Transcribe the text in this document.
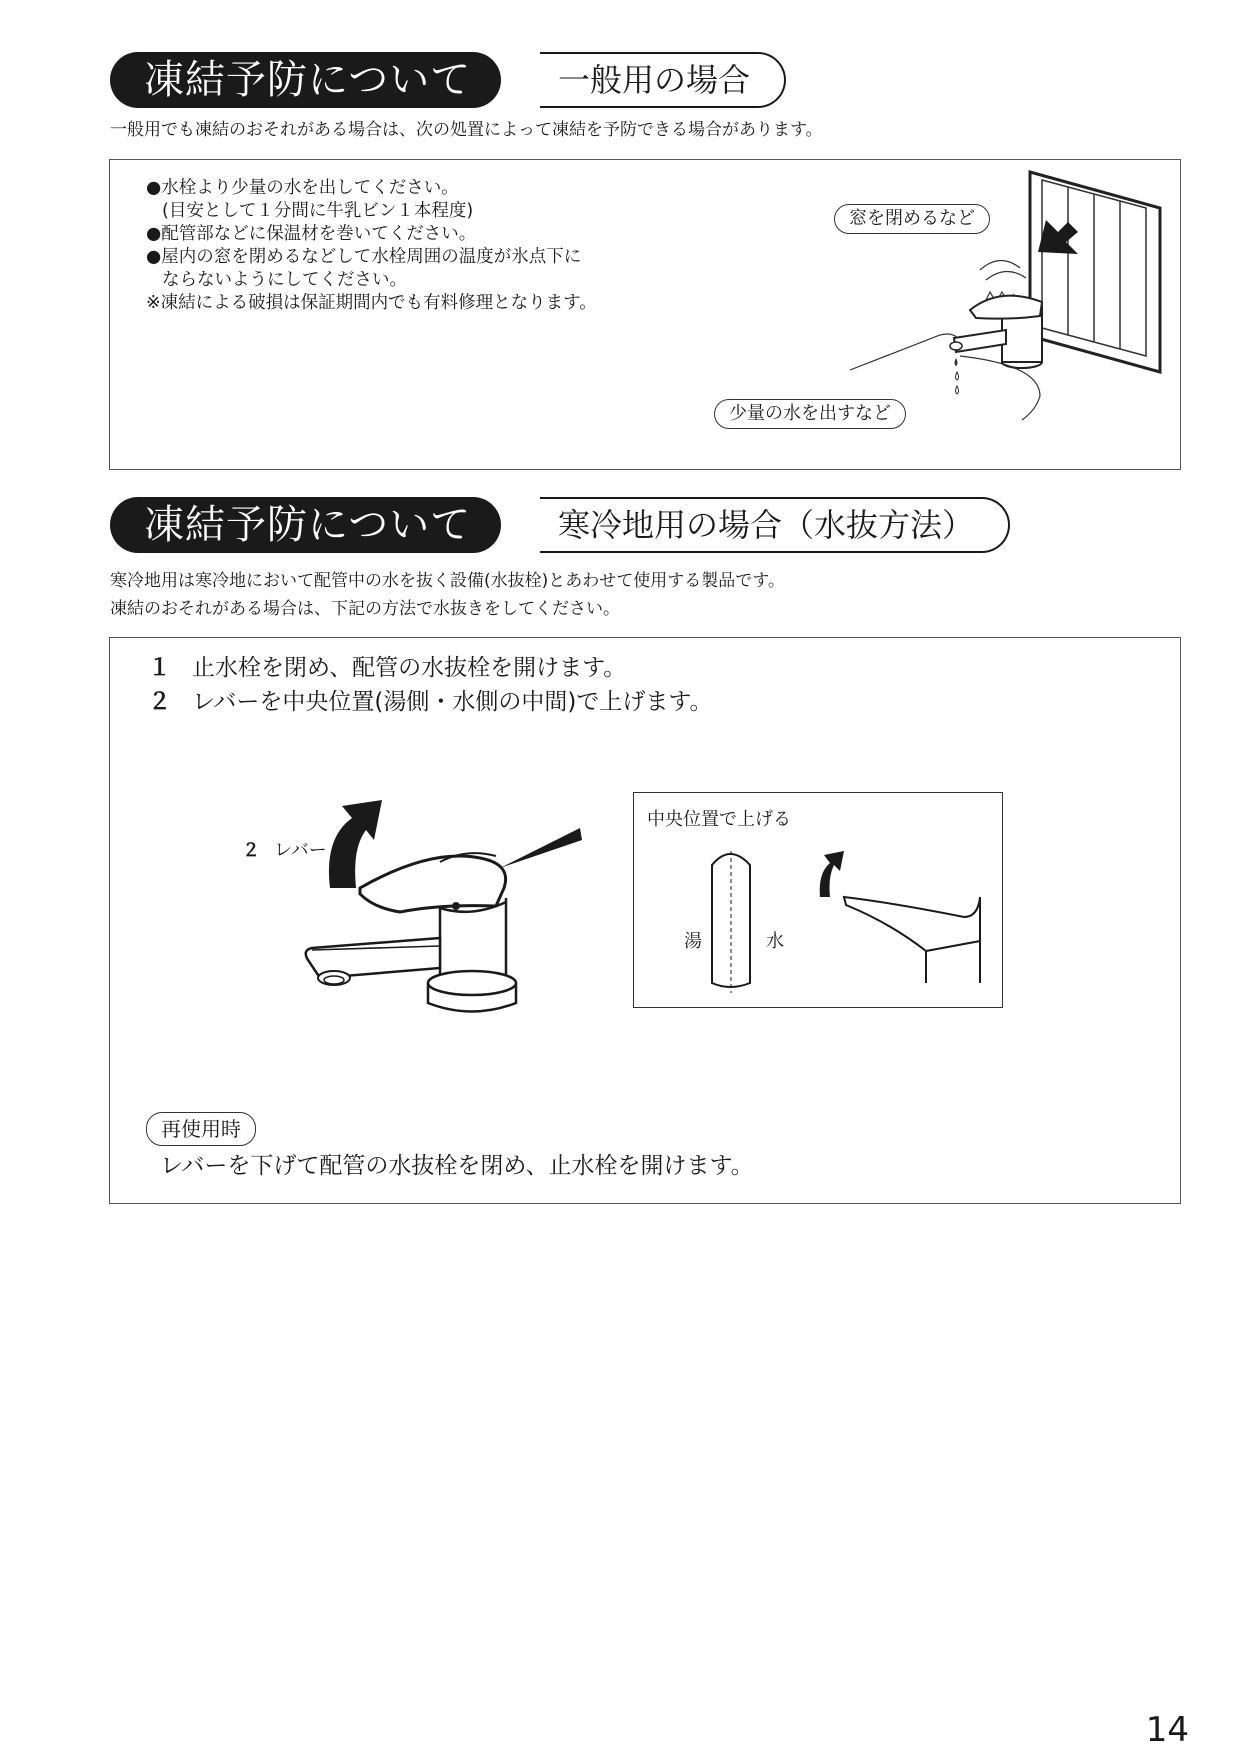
凍結予防について	一般用の場合
一般用でも凍結のおそれがある場合は、次の処置によって凍結を予防できる場合があります。
●水栓より少量の水を出してください。
(目安として１分間に牛乳ビン１本程度)
●配管部などに保温材を巻いてください。
●屋内の窓を閉めるなどして水栓周囲の温度が氷点下に
ならないようにしてください。
※凍結による破損は保証期間内でも有料修理となります。
窓を閉めるなど
少量の水を出すなど
凍結予防について	寒冷地用の場合（水抜方法）
寒冷地用は寒冷地において配管中の水を抜く設備(水抜栓)とあわせて使用する製品です。
凍結のおそれがある場合は、下記の方法で水抜きをしてください。
１ 止水栓を閉め、配管の水抜栓を開けます。
２ レバーを中央位置(湯側・水側の中間)で上げます。
２ レバー
中央位置で上げる
湯	水
再使用時
レバーを下げて配管の水抜栓を閉め、止水栓を開けます。
14
